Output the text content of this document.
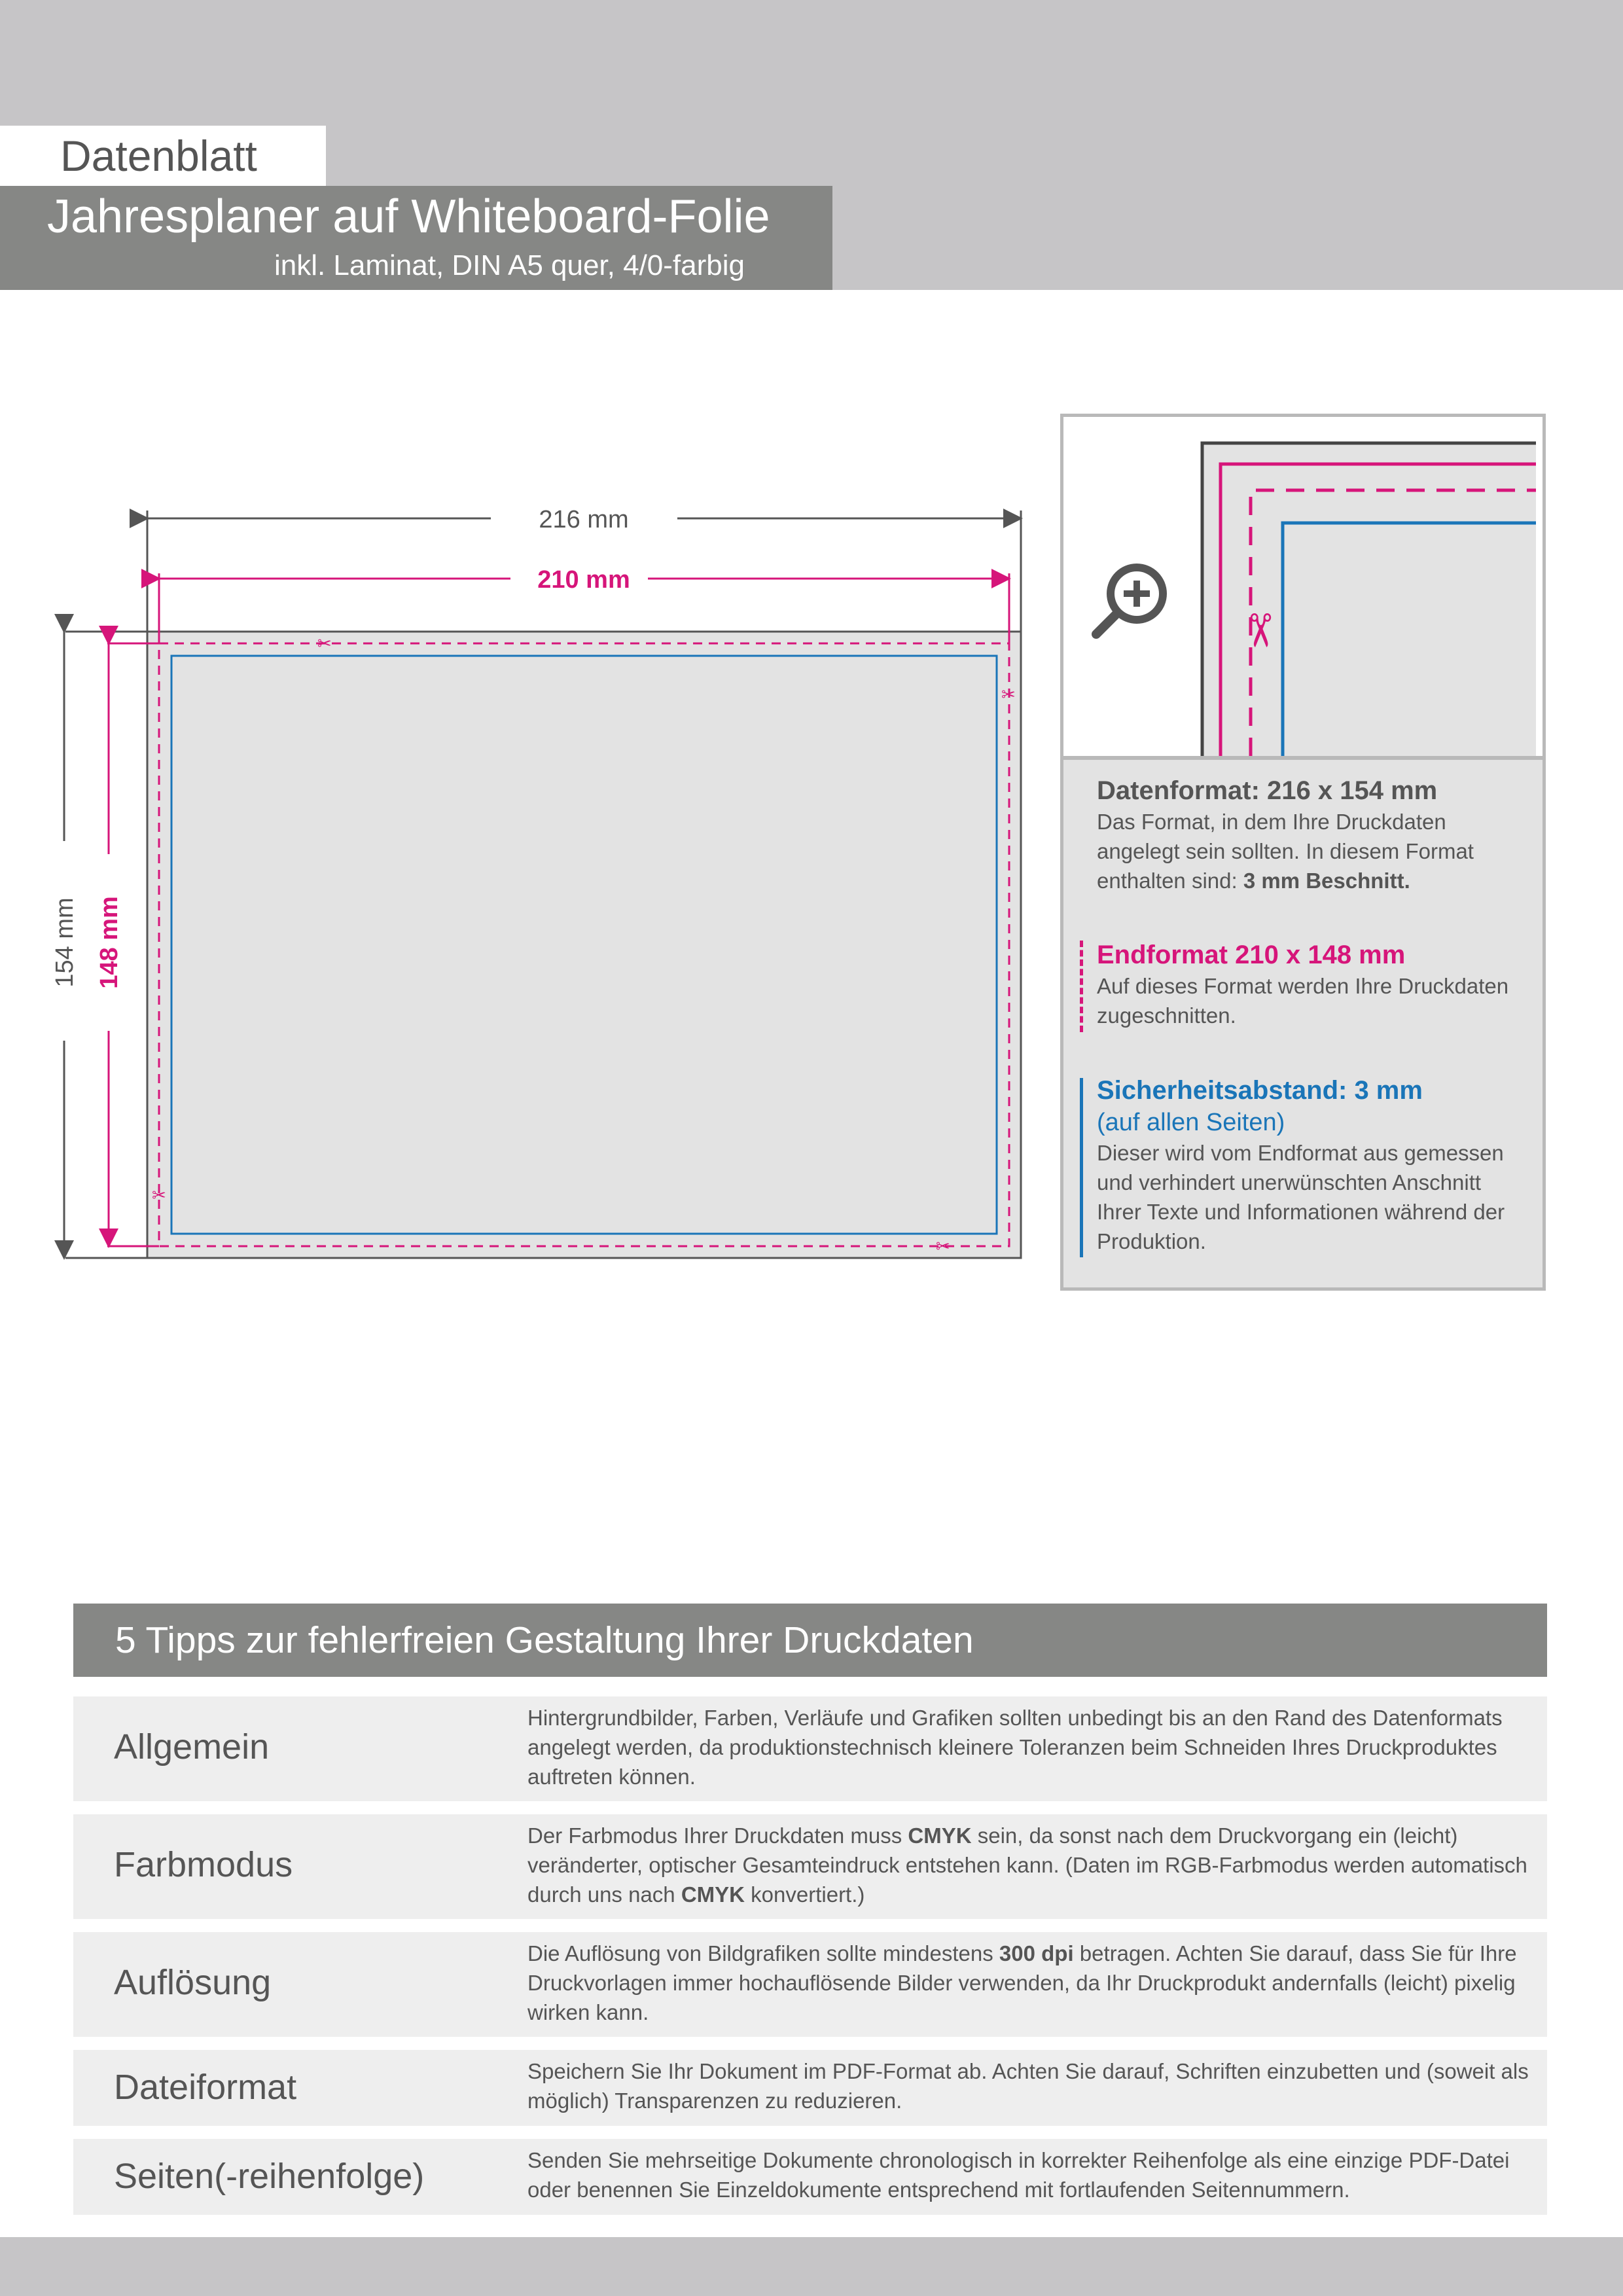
Datenblatt
Jahresplaner auf Whiteboard-Folie
inkl. Laminat, DIN A5 quer, 4/0-farbig
216 mm
210 mm
154 mm 148 mm
✂
✂
✂
✂
✂
Datenformat: 216 x 154 mm
Das Format, in dem Ihre Druckdaten angelegt sein sollten. In diesem Format enthalten sind: 3 mm Beschnitt.
Endformat 210 x 148 mm
Auf dieses Format werden Ihre Druckdaten zugeschnitten.
Sicherheitsabstand: 3 mm
(auf allen Seiten)
Dieser wird vom Endformat aus gemessen und verhindert unerwünschten Anschnitt Ihrer Texte und Informationen während der Produktion.
5 Tipps zur fehlerfreien Gestaltung Ihrer Druckdaten
Allgemein
Hintergrundbilder, Farben, Verläufe und Grafiken sollten unbedingt bis an den Rand des Datenformats angelegt werden, da produktionstechnisch kleinere Toleranzen beim Schneiden Ihres Druckproduktes auftreten können.
Farbmodus
Der Farbmodus Ihrer Druckdaten muss CMYK sein, da sonst nach dem Druckvorgang ein (leicht) veränderter, optischer Gesamteindruck entstehen kann. (Daten im RGB-Farbmodus werden automatisch durch uns nach CMYK konvertiert.)
Auflösung
Die Auflösung von Bildgrafiken sollte mindestens 300 dpi betragen. Achten Sie darauf, dass Sie für Ihre Druckvorlagen immer hochauflösende Bilder verwenden, da Ihr Druckprodukt andernfalls (leicht) pixelig wirken kann.
Dateiformat	Speichern Sie Ihr Dokument im PDF-Format ab. Achten Sie darauf, Schriften einzubetten und (soweit als möglich) Transparenzen zu reduzieren.
Seiten(-reihenfolge)	Senden Sie mehrseitige Dokumente chronologisch in korrekter Reihenfolge als eine einzige PDF-Datei oder benennen Sie Einzeldokumente entsprechend mit fortlaufenden Seitennummern.
